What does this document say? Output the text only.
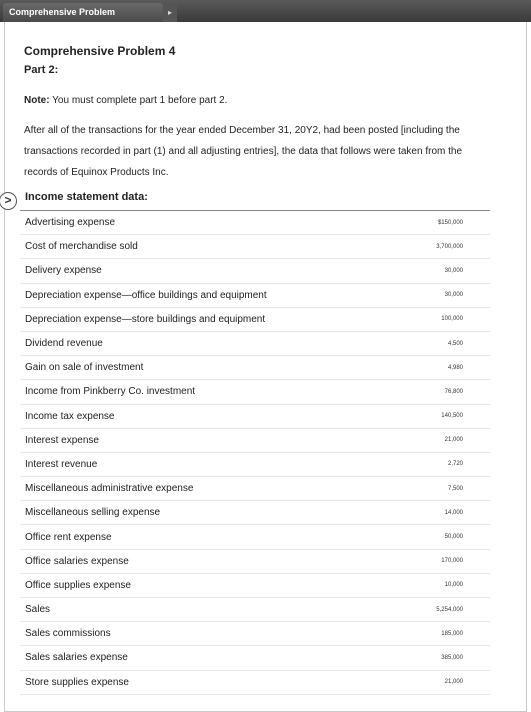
Comprehensive Problem	▸
Comprehensive Problem 4
Part 2:
Note: You must complete part 1 before part 2.
After all of the transactions for the year ended December 31, 20Y2, had been posted [including the transactions recorded in part (1) and all adjusting entries], the data that follows were taken from the records of Equinox Products Inc.
>	Income statement data:
Advertising expense	$150,000
Cost of merchandise sold	3,700,000
Delivery expense	30,000
Depreciation expense—office buildings and equipment	30,000
Depreciation expense—store buildings and equipment	100,000
Dividend revenue	4,500
Gain on sale of investment	4,980
Income from Pinkberry Co. investment	76,800
Income tax expense	140,500
Interest expense	21,000
Interest revenue	2,720
Miscellaneous administrative expense	7,500
Miscellaneous selling expense	14,000
Office rent expense	50,000
Office salaries expense	170,000
Office supplies expense	10,000
Sales	5,254,000
Sales commissions	185,000
Sales salaries expense	385,000
Store supplies expense	21,000
